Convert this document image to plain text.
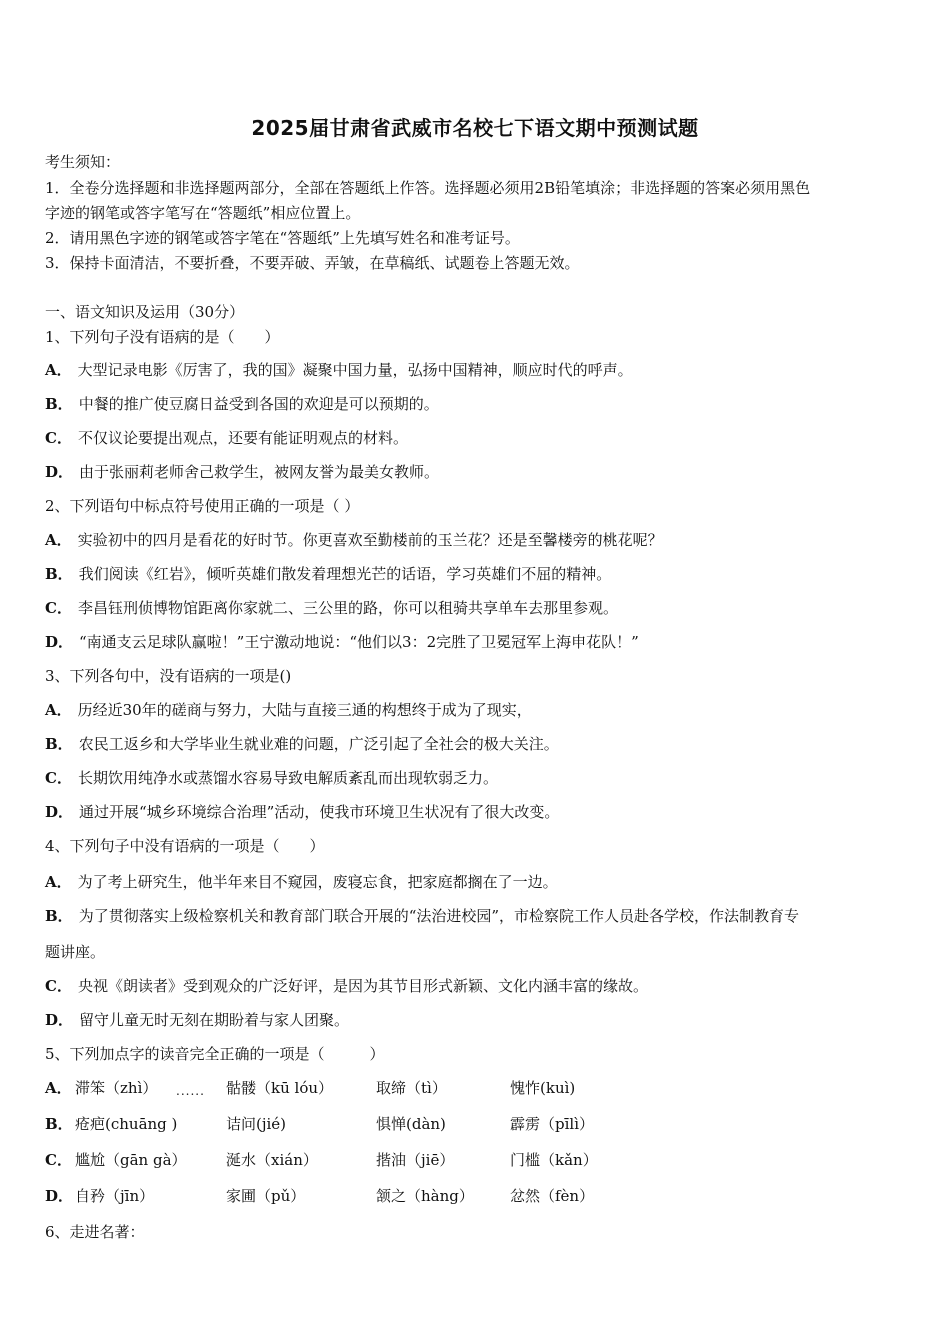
2025届甘肃省武威市名校七下语文期中预测试题
考生须知：
1．全卷分选择题和非选择题两部分，全部在答题纸上作答。选择题必须用2B铅笔填涂；非选择题的答案必须用黑色
字迹的钢笔或答字笔写在“答题纸”相应位置上。
2．请用黑色字迹的钢笔或答字笔在“答题纸”上先填写姓名和准考证号。
3．保持卡面清洁，不要折叠，不要弄破、弄皱，在草稿纸、试题卷上答题无效。
一、语文知识及运用（30分）
1、下列句子没有语病的是（　　）
A． 大型记录电影《厉害了，我的国》凝聚中国力量，弘扬中国精神，顺应时代的呼声。
B． 中餐的推广使豆腐日益受到各国的欢迎是可以预期的。
C． 不仅议论要提出观点，还要有能证明观点的材料。
D． 由于张丽莉老师舍己救学生，被网友誉为最美女教师。
2、下列语句中标点符号使用正确的一项是（ ）
A． 实验初中的四月是看花的好时节。你更喜欢至勤楼前的玉兰花？还是至馨楼旁的桃花呢？
B． 我们阅读《红岩》，倾听英雄们散发着理想光芒的话语，学习英雄们不屈的精神。
C． 李昌钰刑侦博物馆距离你家就二、三公里的路，你可以租骑共享单车去那里参观。
D． “南通支云足球队赢啦！”王宁激动地说：“他们以3：2完胜了卫冕冠军上海申花队！”
3、下列各句中，没有语病的一项是()
A． 历经近30年的磋商与努力，大陆与直接三通的构想终于成为了现实，
B． 农民工返乡和大学毕业生就业难的问题，广泛引起了全社会的极大关注。
C． 长期饮用纯净水或蒸馏水容易导致电解质紊乱而出现软弱乏力。
D． 通过开展“城乡环境综合治理”活动，使我市环境卫生状况有了很大改变。
4、下列句子中没有语病的一项是（　　）
A． 为了考上研究生，他半年来目不窥园，废寝忘食，把家庭都搁在了一边。
B． 为了贯彻落实上级检察机关和教育部门联合开展的“法治进校园”，市检察院工作人员赴各学校，作法制教育专
题讲座。
C． 央视《朗读者》受到观众的广泛好评，是因为其节目形式新颖、文化内涵丰富的缘故。
D． 留守儿童无时无刻在期盼着与家人团聚。
5、下列加点字的读音完全正确的一项是（　　　）
A． 滞笨（zhì） ...... 骷髅（kū lóu）	取缔（tì）	愧怍(kuì)
B． 疮疤(chuāng )	诘问(jié)	惧惮(dàn)	霹雳（pīlì）
C． 尴尬（gān gà）	涎水（xián）	揩油（jiē）	门槛（kǎn）
D． 自矜（jīn）	家圃（pǔ）	颔之（hàng） 忿然（fèn）
6、走进名著：
